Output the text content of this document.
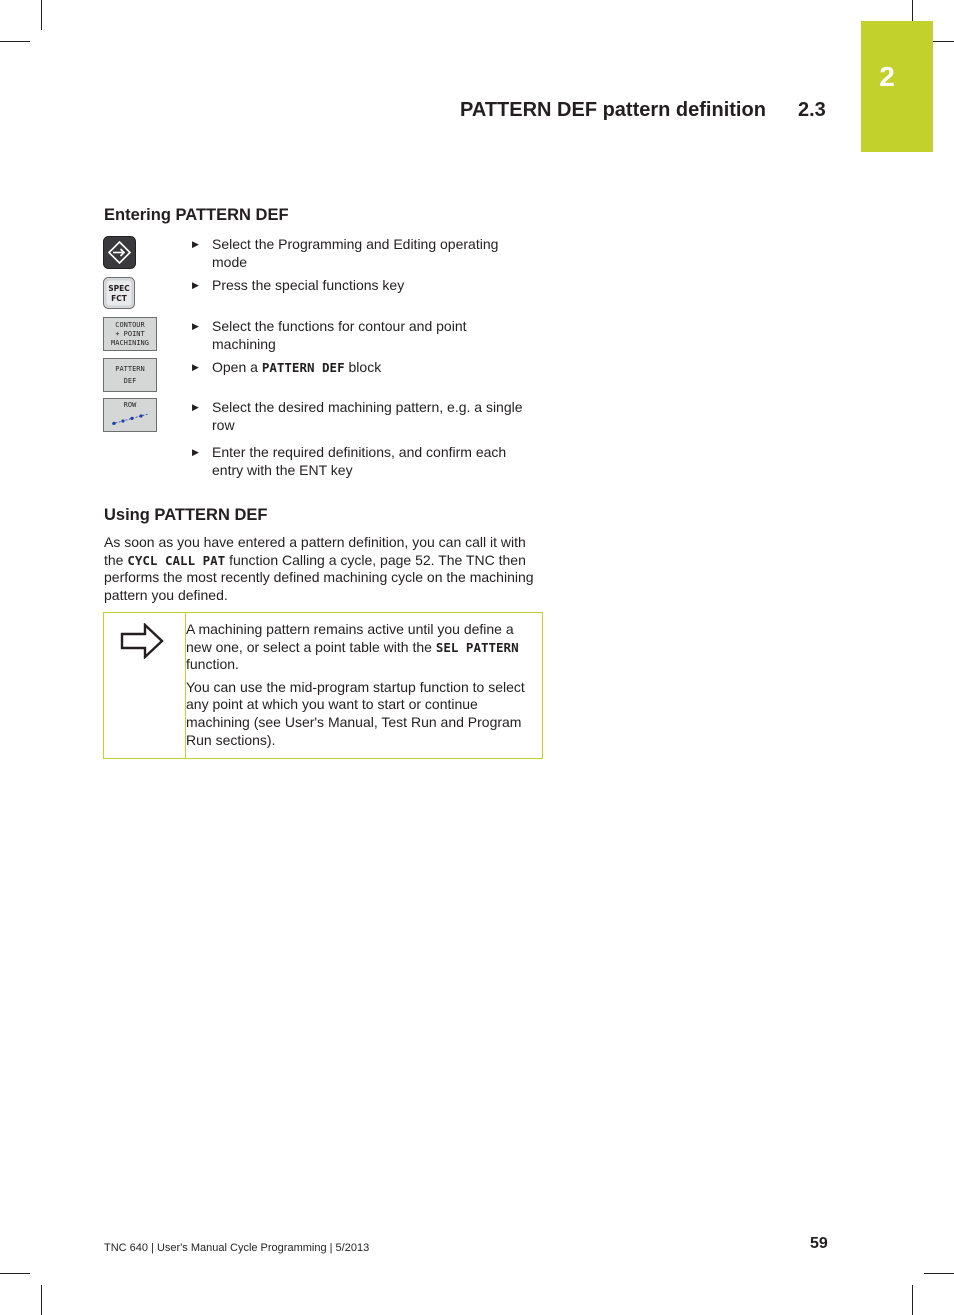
2
PATTERN DEF pattern definition 2.3
Entering PATTERN DEF
SPEC
FCT
CONTOUR
+ POINT
MACHINING
PATTERN
DEF
ROW
▶ Select the Programming and Editing operating mode
▶ Press the special functions key
▶ Select the functions for contour and point machining
▶ Open a PATTERN DEF block
▶ Select the desired machining pattern, e.g. a single row
▶ Enter the required definitions, and confirm each entry with the ENT key
Using PATTERN DEF
As soon as you have entered a pattern definition, you can call it with the CYCL CALL PAT function Calling a cycle, page 52. The TNC then performs the most recently defined machining cycle on the machining pattern you defined.

A machining pattern remains active until you define a new one, or select a point table with the SEL PATTERN function.

You can use the mid-program startup function to select any point at which you want to start or continue machining (see User's Manual, Test Run and Program Run sections).

TNC 640 | User's Manual Cycle Programming | 5/2013	59
